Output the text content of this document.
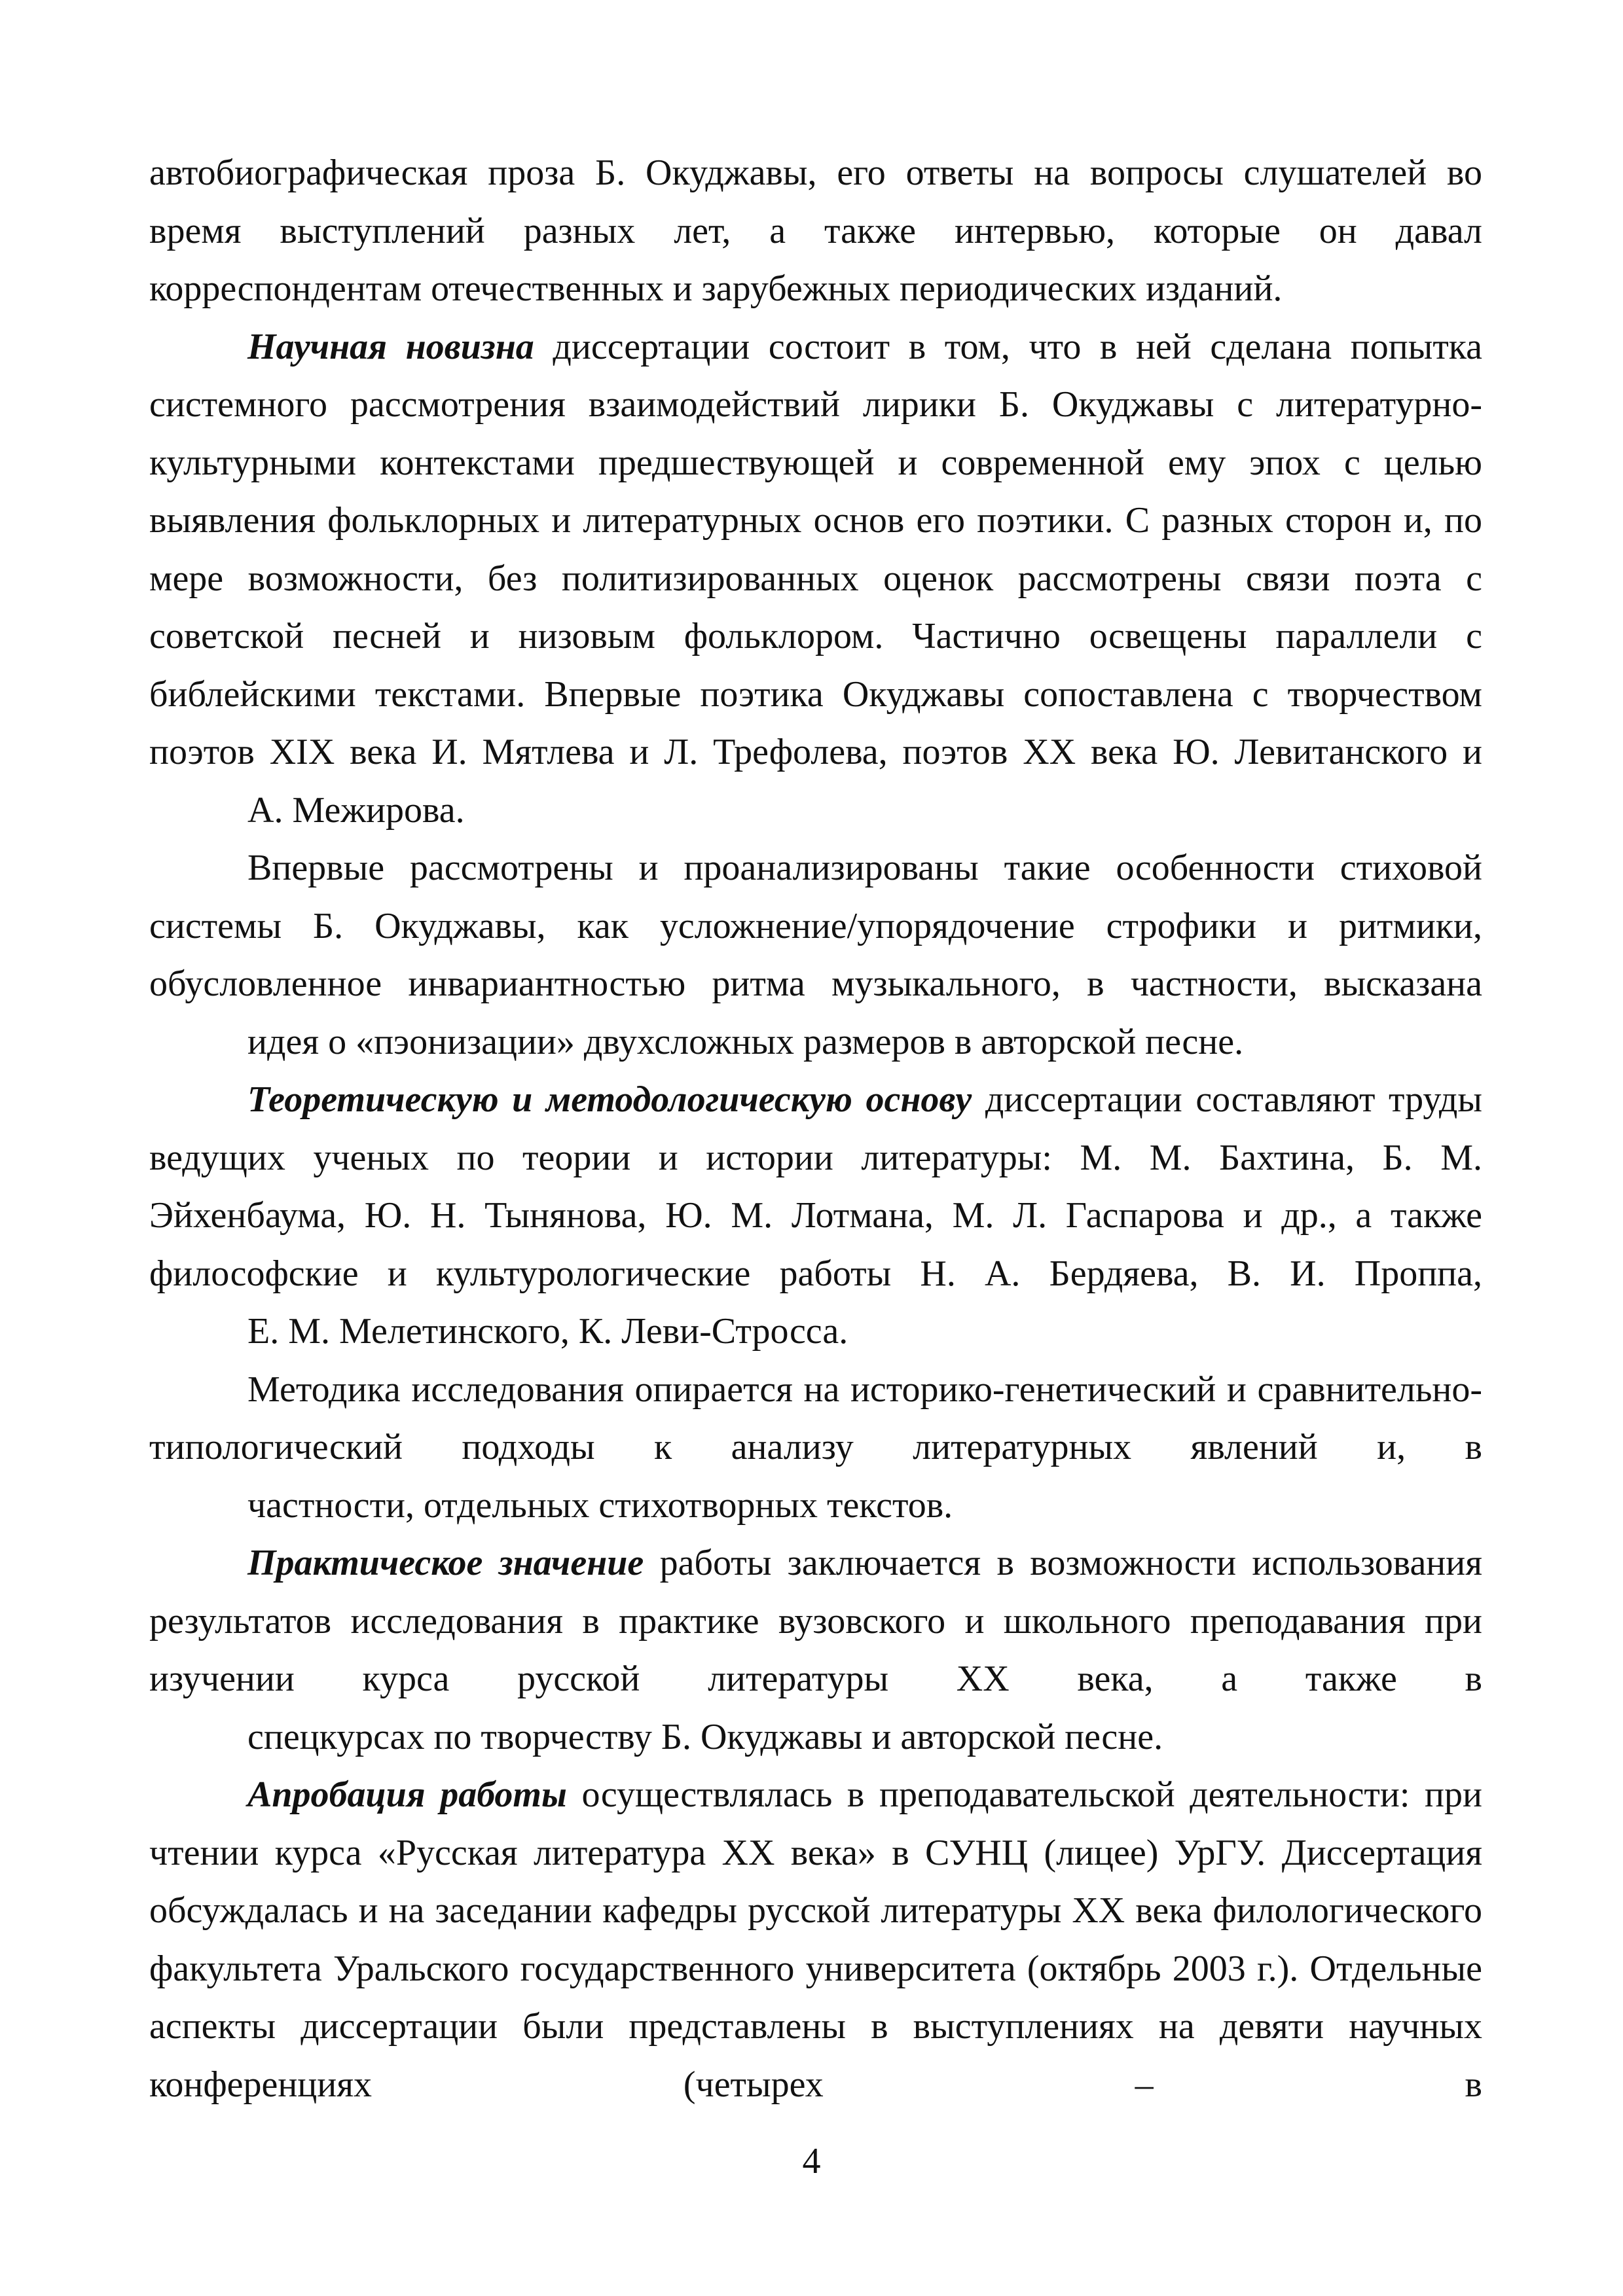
автобиографическая проза Б. Окуджавы, его ответы на вопросы слушателей во время выступлений разных лет, а также интервью, которые он давал
корреспондентам отечественных и зарубежных периодических изданий.

Научная новизна диссертации состоит в том, что в ней сделана попытка системного рассмотрения взаимодействий лирики Б. Окуджавы с литературно-культурными контекстами предшествующей и современной ему эпох с целью выявления фольклорных и литературных основ его поэтики. С разных сторон и, по мере возможности, без политизированных оценок рассмотрены связи поэта с советской песней и низовым фольклором. Частично освещены параллели с библейскими текстами. Впервые поэтика Окуджавы сопоставлена с творчеством поэтов XIX века И. Мятлева и Л. Трефолева, поэтов XX века Ю. Левитанского и
А. Межирова.

Впервые рассмотрены и проанализированы такие особенности стиховой системы Б. Окуджавы, как усложнение/упорядочение строфики и ритмики, обусловленное инвариантностью ритма музыкального, в частности, высказана
идея о «пэонизации» двухсложных размеров в авторской песне.

Теоретическую и методологическую основу диссертации составляют труды ведущих ученых по теории и истории литературы: М. М. Бахтина, Б. М. Эйхенбаума, Ю. Н. Тынянова, Ю. М. Лотмана, М. Л. Гаспарова и др., а также философские и культурологические работы Н. А. Бердяева, В. И. Проппа,
Е. М. Мелетинского, К. Леви-Стросса.

Методика исследования опирается на историко-генетический и сравнительно-типологический подходы к анализу литературных явлений и, в
частности, отдельных стихотворных текстов.

Практическое значение работы заключается в возможности использования результатов исследования в практике вузовского и школьного преподавания при изучении курса русской литературы XX века, а также в
спецкурсах по творчеству Б. Окуджавы и авторской песне.

Апробация работы осуществлялась в преподавательской деятельности: при чтении курса «Русская литература XX века» в СУНЦ (лицее) УрГУ. Диссертация обсуждалась и на заседании кафедры русской литературы XX века филологического факультета Уральского государственного университета (октябрь 2003 г.). Отдельные аспекты диссертации были представлены в выступлениях на девяти научных конференциях (четырех – в

4
